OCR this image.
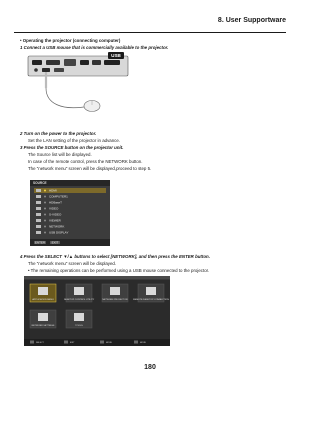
8. User Supportware
• Operating the projector (connecting computer)
1 Connect a USB mouse that is commercially available to the projector.
USB
2 Turn on the power to the projector.
Set the LAN setting of the projector in advance.
3 Press the SOURCE button on the projector unit.
The Source list will be displayed.
In case of the remote control, press the NETWORK button.
The “network menu” screen will be displayed,proceed to step 5.
SOURCE
HDMI
COMPUTER1
HDBaseT
VIDEO
S-VIDEO
VIEWER
NETWORK
USB DISPLAY
ENTER EXIT
4 Press the SELECT ▼/▲ buttons to select [NETWORK], and then press the ENTER button.
The “network menu” screen will be displayed.
• The remaining operations can be performed using a USB mouse connected to the projector.
APPLICATION MENU	DESKTOP CONTROL UTILITY	NETWORK PROJECTOR	REMOTE DESKTOP CONNECTION
NETWORK SETTINGS	TOOLS
SELECT	EXIT	MOVE	MOVE
180
